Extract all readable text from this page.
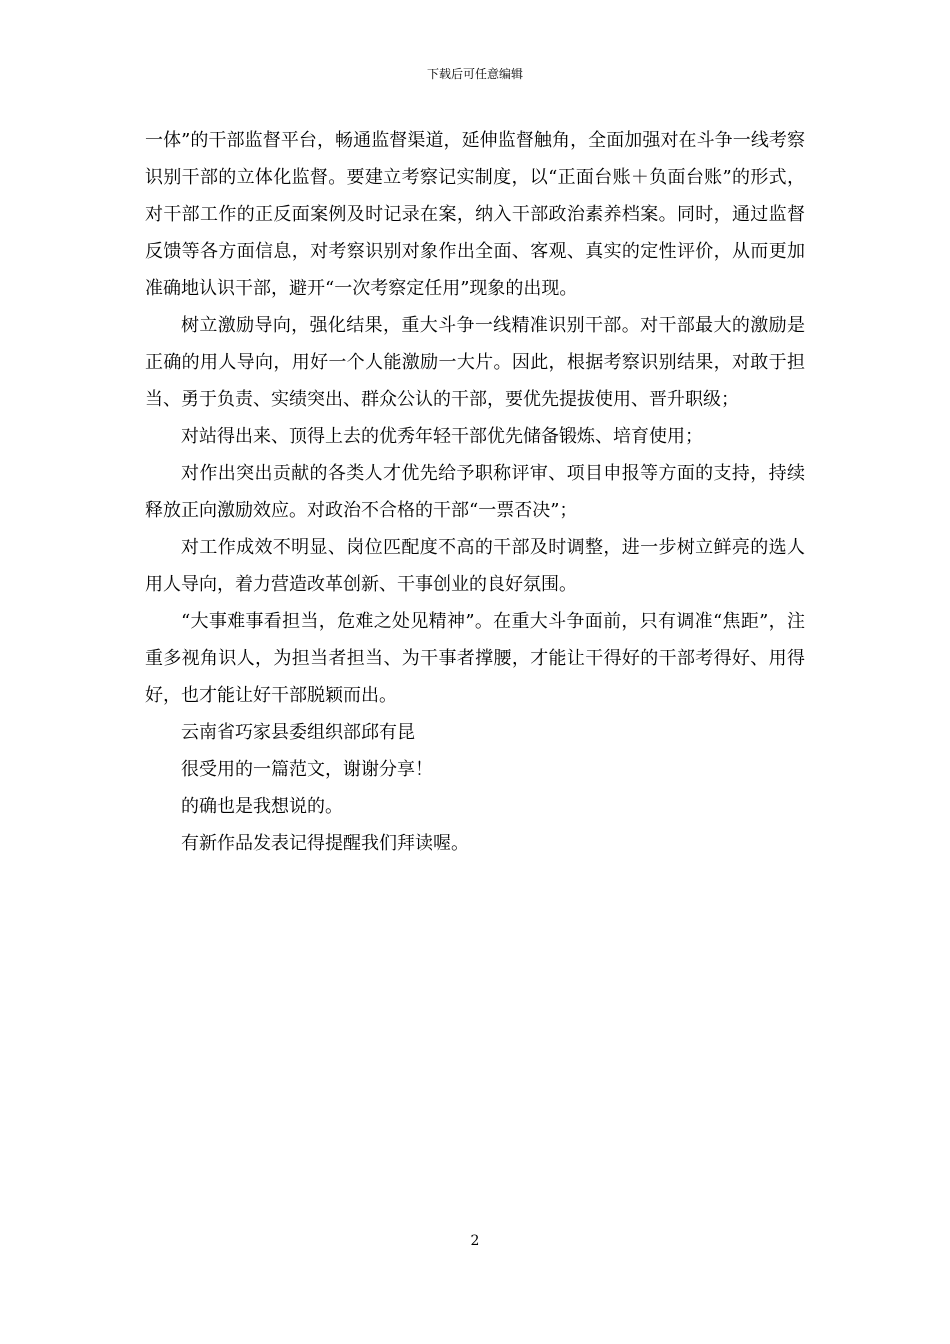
下载后可任意编辑

一体”的干部监督平台，畅通监督渠道，延伸监督触角，全面加强对在斗争一线考察识别干部的立体化监督。要建立考察记实制度，以“正面台账＋负面台账”的形式，对干部工作的正反面案例及时记录在案，纳入干部政治素养档案。同时，通过监督反馈等各方面信息，对考察识别对象作出全面、客观、真实的定性评价，从而更加准确地认识干部，避开“一次考察定任用”现象的出现。

树立激励导向，强化结果，重大斗争一线精准识别干部。对干部最大的激励是正确的用人导向，用好一个人能激励一大片。因此，根据考察识别结果，对敢于担当、勇于负责、实绩突出、群众公认的干部，要优先提拔使用、晋升职级；

对站得出来、顶得上去的优秀年轻干部优先储备锻炼、培育使用；

对作出突出贡献的各类人才优先给予职称评审、项目申报等方面的支持，持续释放正向激励效应。对政治不合格的干部“一票否决”；

对工作成效不明显、岗位匹配度不高的干部及时调整，进一步树立鲜亮的选人用人导向，着力营造改革创新、干事创业的良好氛围。

“大事难事看担当，危难之处见精神”。在重大斗争面前，只有调准“焦距”，注重多视角识人，为担当者担当、为干事者撑腰，才能让干得好的干部考得好、用得好，也才能让好干部脱颖而出。

云南省巧家县委组织部邱有昆

很受用的一篇范文，谢谢分享！

的确也是我想说的。

有新作品发表记得提醒我们拜读喔。

2
